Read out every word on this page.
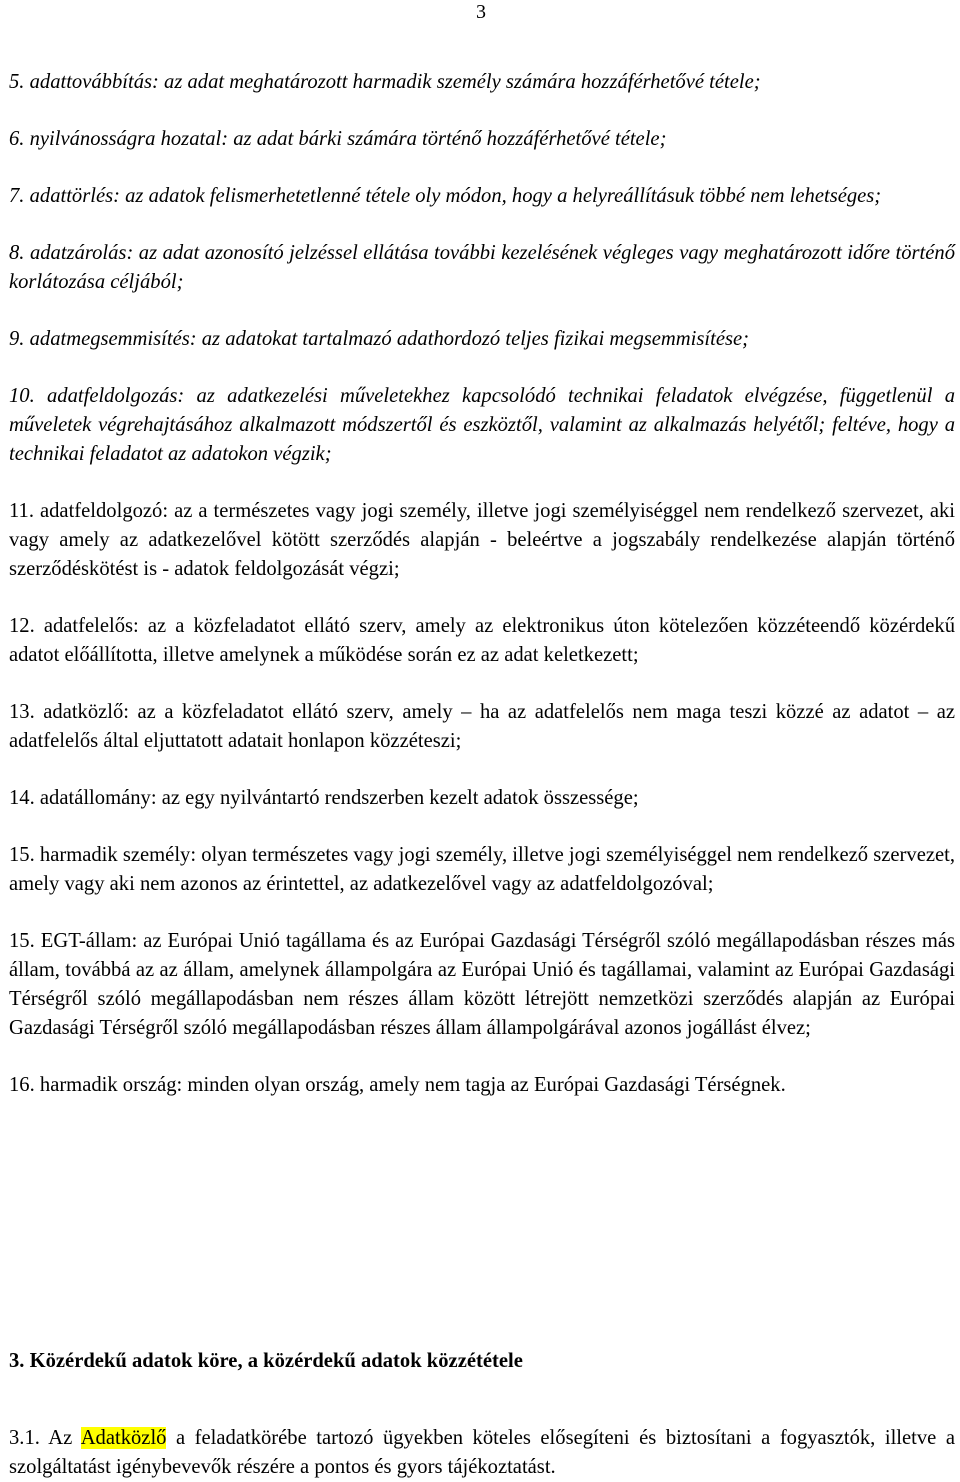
3

5. adattovábbítás: az adat meghatározott harmadik személy számára hozzáférhetővé tétele;

6. nyilvánosságra hozatal: az adat bárki számára történő hozzáférhetővé tétele;

7. adattörlés: az adatok felismerhetetlenné tétele oly módon, hogy a helyreállításuk többé nem lehetséges;

8. adatzárolás: az adat azonosító jelzéssel ellátása további kezelésének végleges vagy meghatározott időre történő korlátozása céljából;

9. adatmegsemmisítés: az adatokat tartalmazó adathordozó teljes fizikai megsemmisítése;

10. adatfeldolgozás: az adatkezelési műveletekhez kapcsolódó technikai feladatok elvégzése, függetlenül a műveletek végrehajtásához alkalmazott módszertől és eszköztől, valamint az alkalmazás helyétől; feltéve, hogy a technikai feladatot az adatokon végzik;

11. adatfeldolgozó: az a természetes vagy jogi személy, illetve jogi személyiséggel nem rendelkező szervezet, aki vagy amely az adatkezelővel kötött szerződés alapján - beleértve a jogszabály rendelkezése alapján történő szerződéskötést is - adatok feldolgozását végzi;

12. adatfelelős: az a közfeladatot ellátó szerv, amely az elektronikus úton kötelezően közzéteendő közérdekű adatot előállította, illetve amelynek a működése során ez az adat keletkezett;

13. adatközlő: az a közfeladatot ellátó szerv, amely – ha az adatfelelős nem maga teszi közzé az adatot – az adatfelelős által eljuttatott adatait honlapon közzéteszi;

14. adatállomány: az egy nyilvántartó rendszerben kezelt adatok összessége;

15. harmadik személy: olyan természetes vagy jogi személy, illetve jogi személyiséggel nem rendelkező szervezet, amely vagy aki nem azonos az érintettel, az adatkezelővel vagy az adatfeldolgozóval;

15. EGT-állam: az Európai Unió tagállama és az Európai Gazdasági Térségről szóló megállapodásban részes más állam, továbbá az az állam, amelynek állampolgára az Európai Unió és tagállamai, valamint az Európai Gazdasági Térségről szóló megállapodásban nem részes állam között létrejött nemzetközi szerződés alapján az Európai Gazdasági Térségről szóló megállapodásban részes állam állampolgárával azonos jogállást élvez;

16. harmadik ország: minden olyan ország, amely nem tagja az Európai Gazdasági Térségnek.

3. Közérdekű adatok köre, a közérdekű adatok közzététele

3.1. Az Adatközlő a feladatkörébe tartozó ügyekben köteles elősegíteni és biztosítani a fogyasztók, illetve a szolgáltatást igénybevevők részére a pontos és gyors tájékoztatást.
